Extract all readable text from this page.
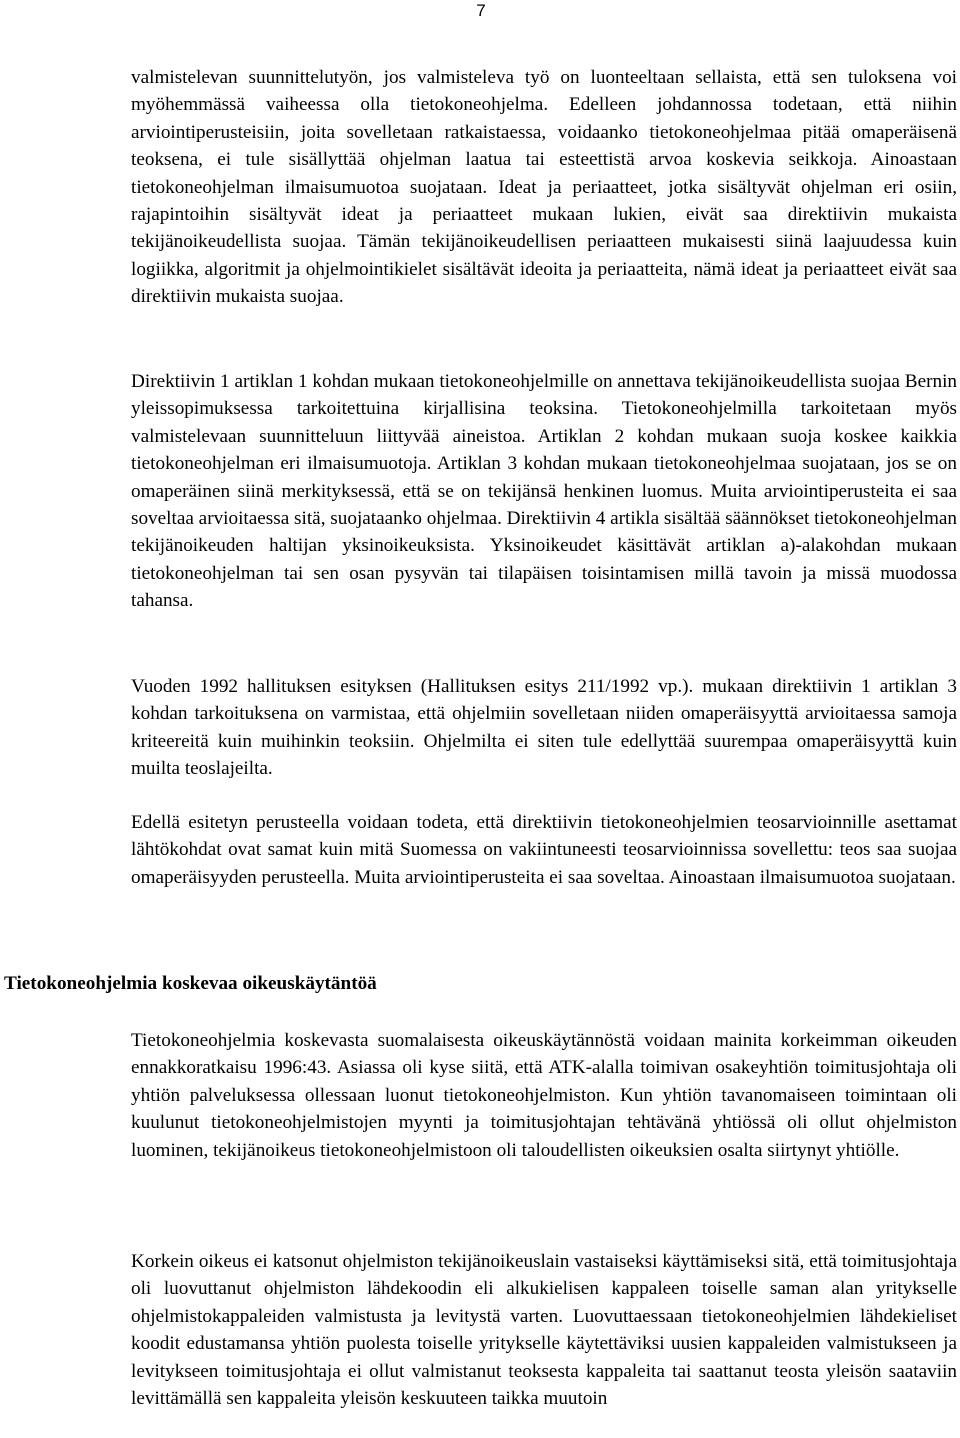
7

valmistelevan suunnittelutyön, jos valmisteleva työ on luonteeltaan sellaista, että sen tuloksena voi myöhemmässä vaiheessa olla tietokoneohjelma. Edelleen johdannossa todetaan, että niihin arviointiperusteisiin, joita sovelletaan ratkaistaessa, voidaanko tietokoneohjelmaa pitää omaperäisenä teoksena, ei tule sisällyttää ohjelman laatua tai esteettistä arvoa koskevia seikkoja. Ainoastaan tietokoneohjelman ilmaisumuotoa suojataan. Ideat ja periaatteet, jotka sisältyvät ohjelman eri osiin, rajapintoihin sisältyvät ideat ja periaatteet mukaan lukien, eivät saa direktiivin mukaista tekijänoikeudellista suojaa. Tämän tekijänoikeudellisen periaatteen mukaisesti siinä laajuudessa kuin logiikka, algoritmit ja ohjelmointikielet sisältävät ideoita ja periaatteita, nämä ideat ja periaatteet eivät saa direktiivin mukaista suojaa.

Direktiivin 1 artiklan 1 kohdan mukaan tietokoneohjelmille on annettava tekijänoikeudellista suojaa Bernin yleissopimuksessa tarkoitettuina kirjallisina teoksina. Tietokoneohjelmilla tarkoitetaan myös valmistelevaan suunnitteluun liittyvää aineistoa. Artiklan 2 kohdan mukaan suoja koskee kaikkia tietokoneohjelman eri ilmaisumuotoja. Artiklan 3 kohdan mukaan tietokoneohjelmaa suojataan, jos se on omaperäinen siinä merkityksessä, että se on tekijänsä henkinen luomus. Muita arviointiperusteita ei saa soveltaa arvioitaessa sitä, suojataanko ohjelmaa. Direktiivin 4 artikla sisältää säännökset tietokoneohjelman tekijänoikeuden haltijan yksinoikeuksista. Yksinoikeudet käsittävät artiklan a)-alakohdan mukaan tietokoneohjelman tai sen osan pysyvän tai tilapäisen toisintamisen millä tavoin ja missä muodossa tahansa.

Vuoden 1992 hallituksen esityksen (Hallituksen esitys 211/1992 vp.). mukaan direktiivin 1 artiklan 3 kohdan tarkoituksena on varmistaa, että ohjelmiin sovelletaan niiden omaperäisyyttä arvioitaessa samoja kriteereitä kuin muihinkin teoksiin. Ohjelmilta ei siten tule edellyttää suurempaa omaperäisyyttä kuin muilta teoslajeilta.

Edellä esitetyn perusteella voidaan todeta, että direktiivin tietokoneohjelmien teosarvioinnille asettamat lähtökohdat ovat samat kuin mitä Suomessa on vakiintuneesti teosarvioinnissa sovellettu: teos saa suojaa omaperäisyyden perusteella. Muita arviointiperusteita ei saa soveltaa. Ainoastaan ilmaisumuotoa suojataan.

Tietokoneohjelmia koskevaa oikeuskäytäntöä

Tietokoneohjelmia koskevasta suomalaisesta oikeuskäytännöstä voidaan mainita korkeimman oikeuden ennakkoratkaisu 1996:43. Asiassa oli kyse siitä, että ATK-alalla toimivan osakeyhtiön toimitusjohtaja oli yhtiön palveluksessa ollessaan luonut tietokoneohjelmiston. Kun yhtiön tavanomaiseen toimintaan oli kuulunut tietokoneohjelmistojen myynti ja toimitusjohtajan tehtävänä yhtiössä oli ollut ohjelmiston luominen, tekijänoikeus tietokoneohjelmistoon oli taloudellisten oikeuksien osalta siirtynyt yhtiölle.

Korkein oikeus ei katsonut ohjelmiston tekijänoikeuslain vastaiseksi käyttämiseksi sitä, että toimitusjohtaja oli luovuttanut ohjelmiston lähdekoodin eli alkukielisen kappaleen toiselle saman alan yritykselle ohjelmistokappaleiden valmistusta ja levitystä varten. Luovuttaessaan tietokoneohjelmien lähdekieliset koodit edustamansa yhtiön puolesta toiselle yritykselle käytettäviksi uusien kappaleiden valmistukseen ja levitykseen toimitusjohtaja ei ollut valmistanut teoksesta kappaleita tai saattanut teosta yleisön saataviin levittämällä sen kappaleita yleisön keskuuteen taikka muutoin
